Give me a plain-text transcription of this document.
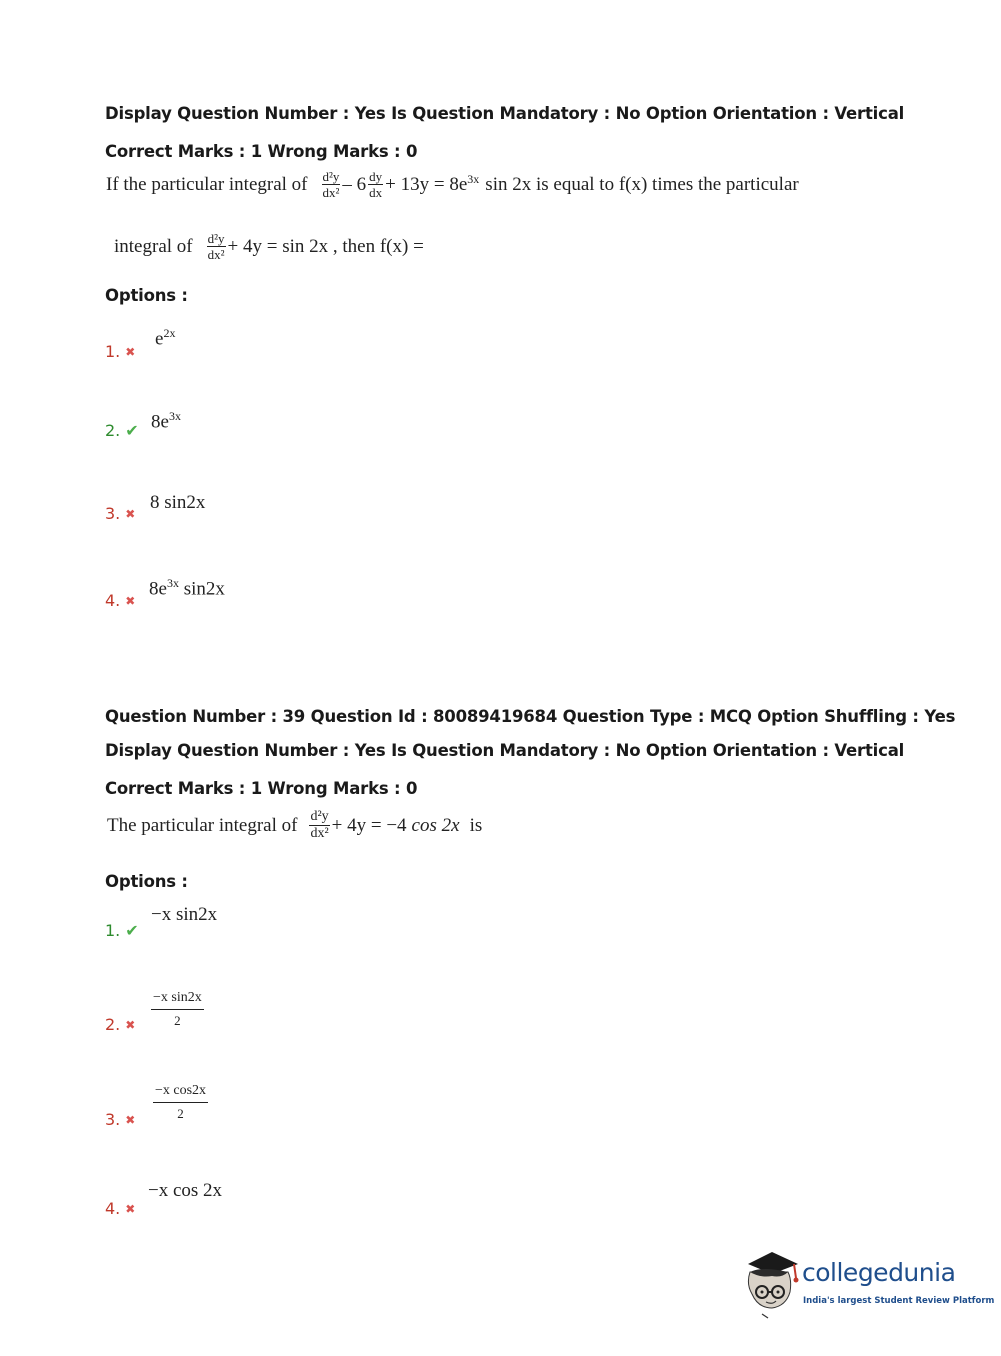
Display Question Number : Yes Is Question Mandatory : No Option Orientation : Vertical
Correct Marks : 1 Wrong Marks : 0
If the particular integral of $\frac{\text{d²y}}{\text{dx²}} - 6 \frac{dy}{dx} + 13y = 8e^{3x}$ sin 2x is equal to f(x) times the particular
integral of $\frac{\text{d²y}}{\text{dx²}} + 4y = \sin 2x$ , then f(x) =
Options :
1. ✖
$e^{2x}$
2. ✔ $8e^{3x}$
3. ✖
8 sin2x
4. ✖
$8e^{3x}$ sin2x
Question Number : 39 Question Id : 80089419684 Question Type : MCQ Option Shuffling : Yes
Display Question Number : Yes Is Question Mandatory : No Option Orientation : Vertical
Correct Marks : 1 Wrong Marks : 0
The particular integral of $\frac{\text{d²y}}{\text{dx²}} + 4y = -4$ cos 2x is
Options :
1. ✔
−x sin2x
2. ✖ $\frac{\text{−x sin2x}}{2}$
3. ✖ $\frac{\text{−x cos2x}}{2}$
4. ✖
−x cos 2x
collegedunia
India's largest Student Review Platform
